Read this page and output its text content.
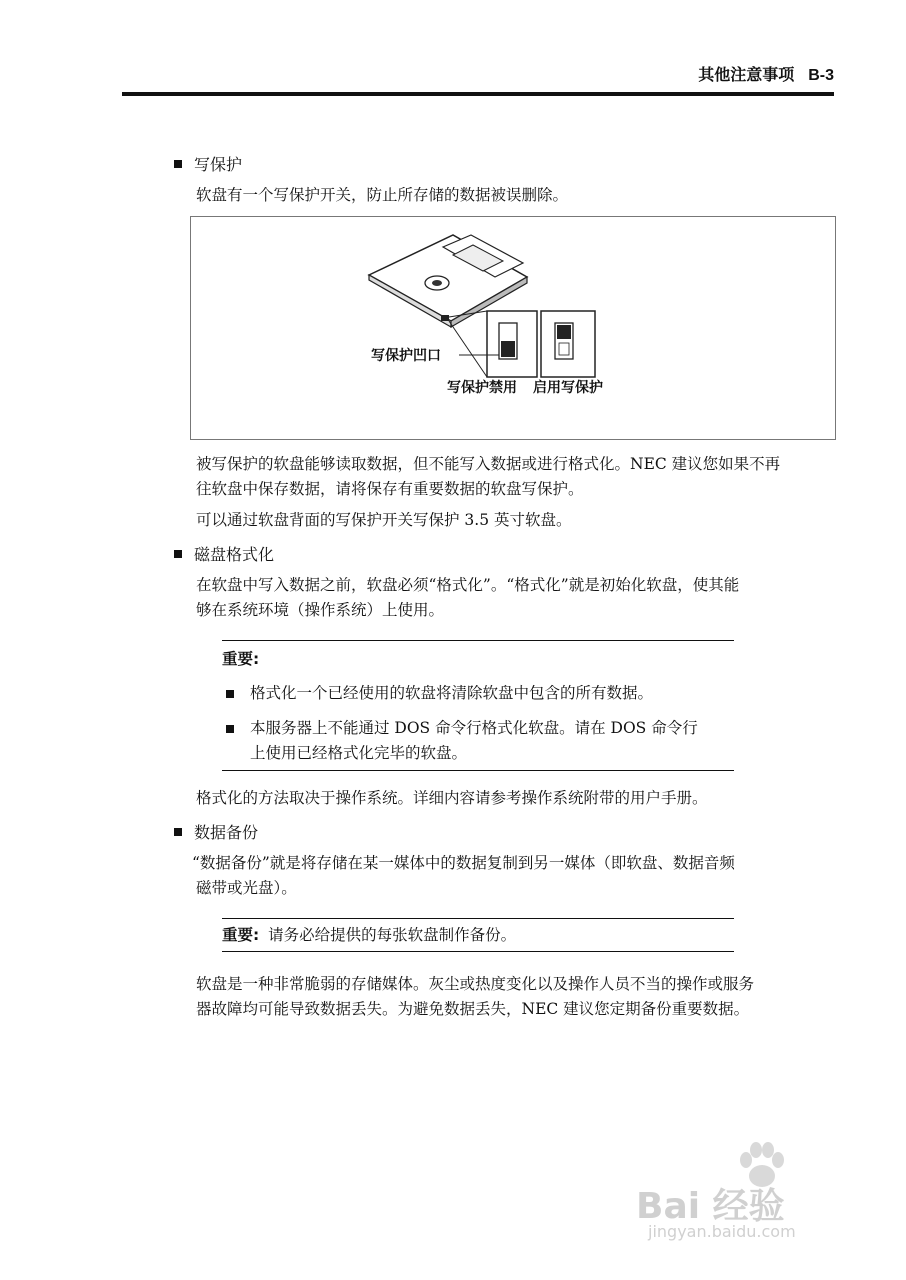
其他注意事项 B-3
写保护

软盘有一个写保护开关，防止所存储的数据被误删除。

写保护凹口
写保护禁用 启用写保护

被写保护的软盘能够读取数据，但不能写入数据或进行格式化。NEC 建议您如果不再

往软盘中保存数据，请将保存有重要数据的软盘写保护。

可以通过软盘背面的写保护开关写保护 3.5 英寸软盘。

磁盘格式化

在软盘中写入数据之前，软盘必须“格式化”。“格式化”就是初始化软盘，使其能

够在系统环境（操作系统）上使用。

重要:
格式化一个已经使用的软盘将清除软盘中包含的所有数据。
本服务器上不能通过 DOS 命令行格式化软盘。请在 DOS 命令行
上使用已经格式化完毕的软盘。

格式化的方法取决于操作系统。详细内容请参考操作系统附带的用户手册。

数据备份

“数据备份”就是将存储在某一媒体中的数据复制到另一媒体（即软盘、数据音频

磁带或光盘）。

重要: 请务必给提供的每张软盘制作备份。

软盘是一种非常脆弱的存储媒体。灰尘或热度变化以及操作人员不当的操作或服务

器故障均可能导致数据丢失。为避免数据丢失，NEC 建议您定期备份重要数据。

Bai 经验
jingyan.baidu.com
